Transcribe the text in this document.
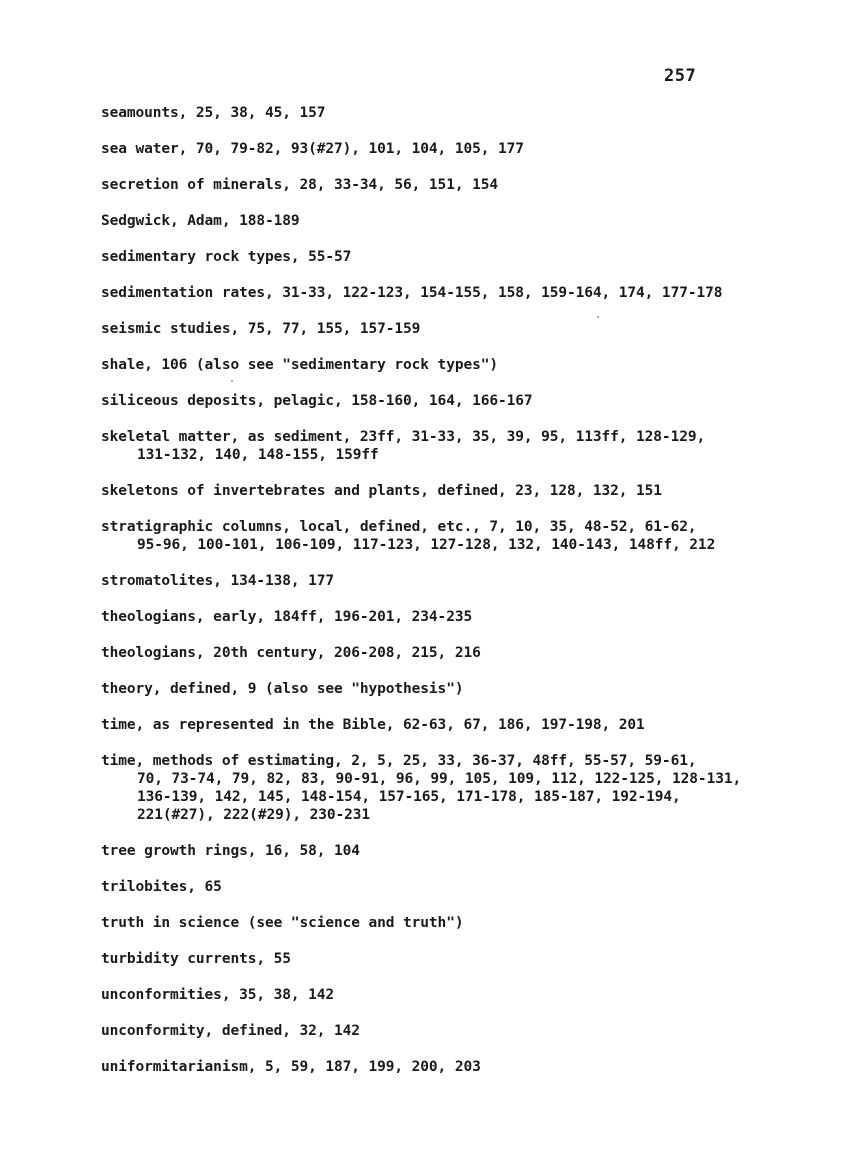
257
seamounts, 25, 38, 45, 157
sea water, 70, 79-82, 93(#27), 101, 104, 105, 177
secretion of minerals, 28, 33-34, 56, 151, 154
Sedgwick, Adam, 188-189
sedimentary rock types, 55-57
sedimentation rates, 31-33, 122-123, 154-155, 158, 159-164, 174, 177-178
seismic studies, 75, 77, 155, 157-159
shale, 106 (also see "sedimentary rock types")
siliceous deposits, pelagic, 158-160, 164, 166-167
skeletal matter, as sediment, 23ff, 31-33, 35, 39, 95, 113ff, 128-129,
131-132, 140, 148-155, 159ff
skeletons of invertebrates and plants, defined, 23, 128, 132, 151
stratigraphic columns, local, defined, etc., 7, 10, 35, 48-52, 61-62,
95-96, 100-101, 106-109, 117-123, 127-128, 132, 140-143, 148ff, 212
stromatolites, 134-138, 177
theologians, early, 184ff, 196-201, 234-235
theologians, 20th century, 206-208, 215, 216
theory, defined, 9 (also see "hypothesis")
time, as represented in the Bible, 62-63, 67, 186, 197-198, 201
time, methods of estimating, 2, 5, 25, 33, 36-37, 48ff, 55-57, 59-61,
70, 73-74, 79, 82, 83, 90-91, 96, 99, 105, 109, 112, 122-125, 128-131,
136-139, 142, 145, 148-154, 157-165, 171-178, 185-187, 192-194,
221(#27), 222(#29), 230-231
tree growth rings, 16, 58, 104
trilobites, 65
truth in science (see "science and truth")
turbidity currents, 55
unconformities, 35, 38, 142
unconformity, defined, 32, 142
uniformitarianism, 5, 59, 187, 199, 200, 203
